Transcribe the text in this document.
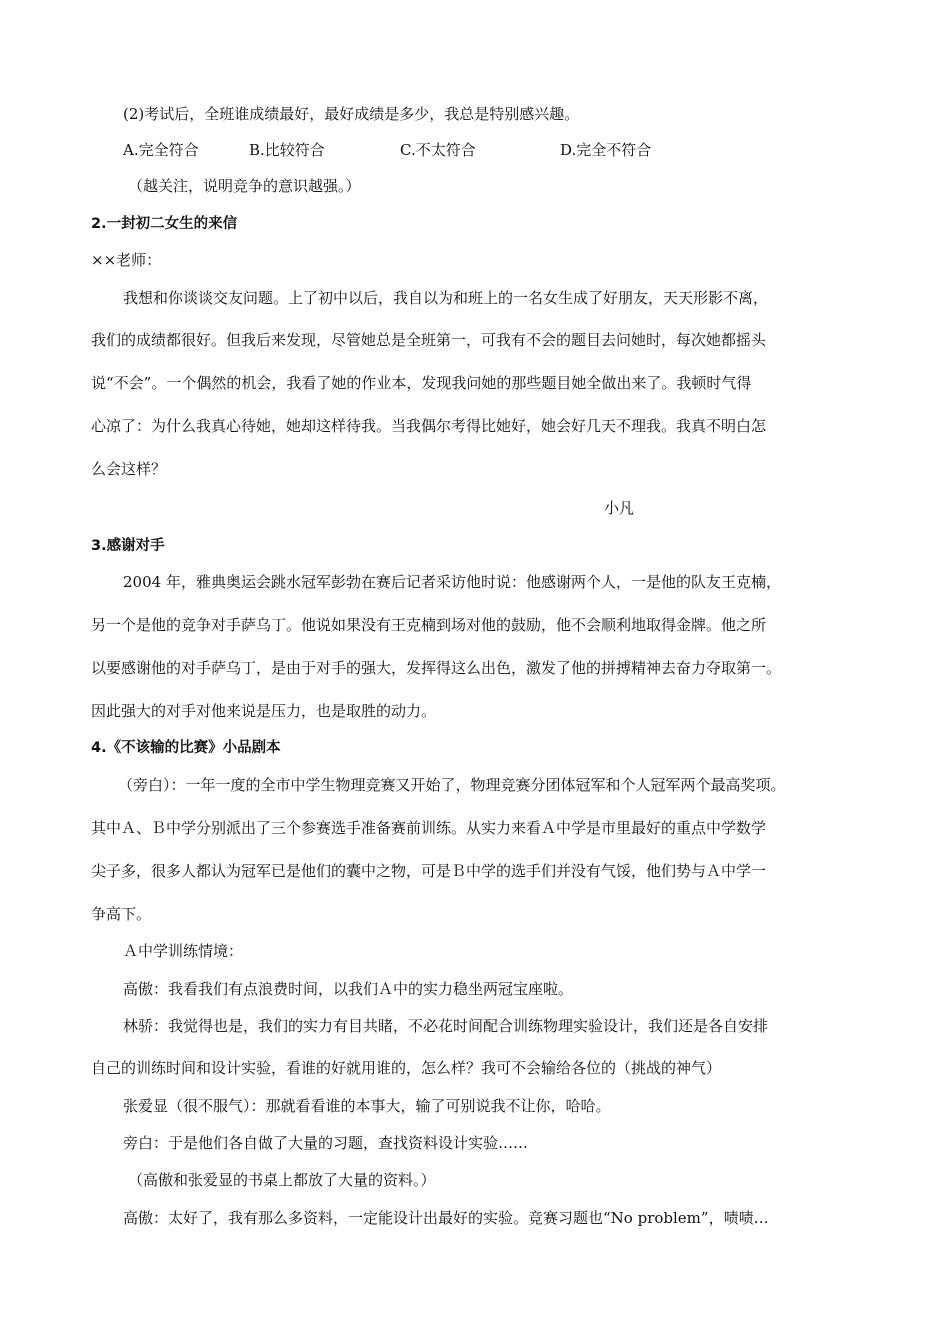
(2)考试后，全班谁成绩最好，最好成绩是多少，我总是特别感兴趣。
A.完全符合	B.比较符合	C.不太符合	D.完全不符合
（越关注，说明竞争的意识越强。）
2.一封初二女生的来信
××老师：
我想和你谈谈交友问题。上了初中以后，我自以为和班上的一名女生成了好朋友，天天形影不离，
我们的成绩都很好。但我后来发现，尽管她总是全班第一，可我有不会的题目去问她时，每次她都摇头
说“不会”。一个偶然的机会，我看了她的作业本，发现我问她的那些题目她全做出来了。我顿时气得
心凉了：为什么我真心待她，她却这样待我。当我偶尔考得比她好，她会好几天不理我。我真不明白怎
么会这样？
小凡
3.感谢对手
2004 年，雅典奥运会跳水冠军彭勃在赛后记者采访他时说：他感谢两个人，一是他的队友王克楠，
另一个是他的竞争对手萨乌丁。他说如果没有王克楠到场对他的鼓励，他不会顺利地取得金牌。他之所
以要感谢他的对手萨乌丁，是由于对手的强大，发挥得这么出色，激发了他的拼搏精神去奋力夺取第一。
因此强大的对手对他来说是压力，也是取胜的动力。
4.《不该输的比赛》小品剧本
（旁白）：一年一度的全市中学生物理竞赛又开始了，物理竞赛分团体冠军和个人冠军两个最高奖项。
其中Ａ、Ｂ中学分别派出了三个参赛选手准备赛前训练。从实力来看Ａ中学是市里最好的重点中学数学
尖子多，很多人都认为冠军已是他们的囊中之物，可是Ｂ中学的选手们并没有气馁，他们势与Ａ中学一
争高下。
Ａ中学训练情境：
高傲：我看我们有点浪费时间，以我们Ａ中的实力稳坐两冠宝座啦。
林骄：我觉得也是，我们的实力有目共睹，不必花时间配合训练物理实验设计，我们还是各自安排
自己的训练时间和设计实验，看谁的好就用谁的，怎么样？我可不会输给各位的（挑战的神气）
张爱显（很不服气）：那就看看谁的本事大，输了可别说我不让你，哈哈。
旁白：于是他们各自做了大量的习题，查找资料设计实验……
（高傲和张爱显的书桌上都放了大量的资料。）
高傲：太好了，我有那么多资料，一定能设计出最好的实验。竞赛习题也“No problem”，啧啧…
